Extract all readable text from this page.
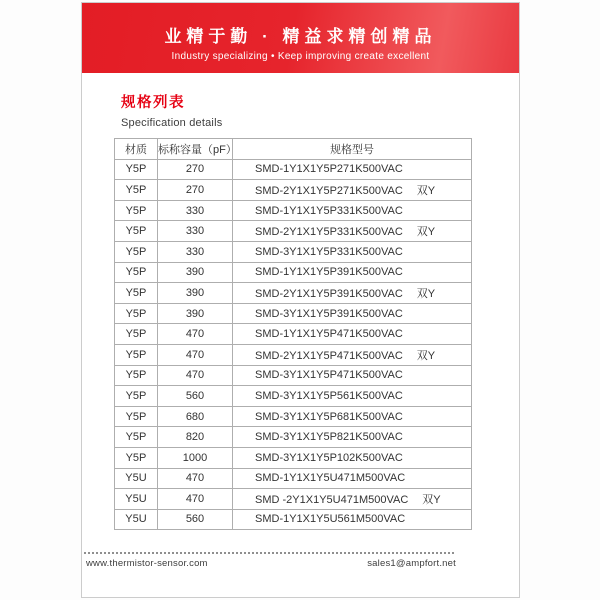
业精于勤 · 精益求精创精品
Industry specializing • Keep improving create excellent
规格列表
Specification details
材质	标称容量（pF）	规格型号
Y5P	270	SMD-1Y1X1Y5P271K500VAC
Y5P	270	SMD-2Y1X1Y5P271K500VAC 双Y
Y5P	330	SMD-1Y1X1Y5P331K500VAC
Y5P	330	SMD-2Y1X1Y5P331K500VAC 双Y
Y5P	330	SMD-3Y1X1Y5P331K500VAC
Y5P	390	SMD-1Y1X1Y5P391K500VAC
Y5P	390	SMD-2Y1X1Y5P391K500VAC 双Y
Y5P	390	SMD-3Y1X1Y5P391K500VAC
Y5P	470	SMD-1Y1X1Y5P471K500VAC
Y5P	470	SMD-2Y1X1Y5P471K500VAC 双Y
Y5P	470	SMD-3Y1X1Y5P471K500VAC
Y5P	560	SMD-3Y1X1Y5P561K500VAC
Y5P	680	SMD-3Y1X1Y5P681K500VAC
Y5P	820	SMD-3Y1X1Y5P821K500VAC
Y5P	1000	SMD-3Y1X1Y5P102K500VAC
Y5U	470	SMD-1Y1X1Y5U471M500VAC
Y5U	470	SMD -2Y1X1Y5U471M500VAC 双Y
Y5U	560	SMD-1Y1X1Y5U561M500VAC
www.thermistor-sensor.com	sales1@ampfort.net
